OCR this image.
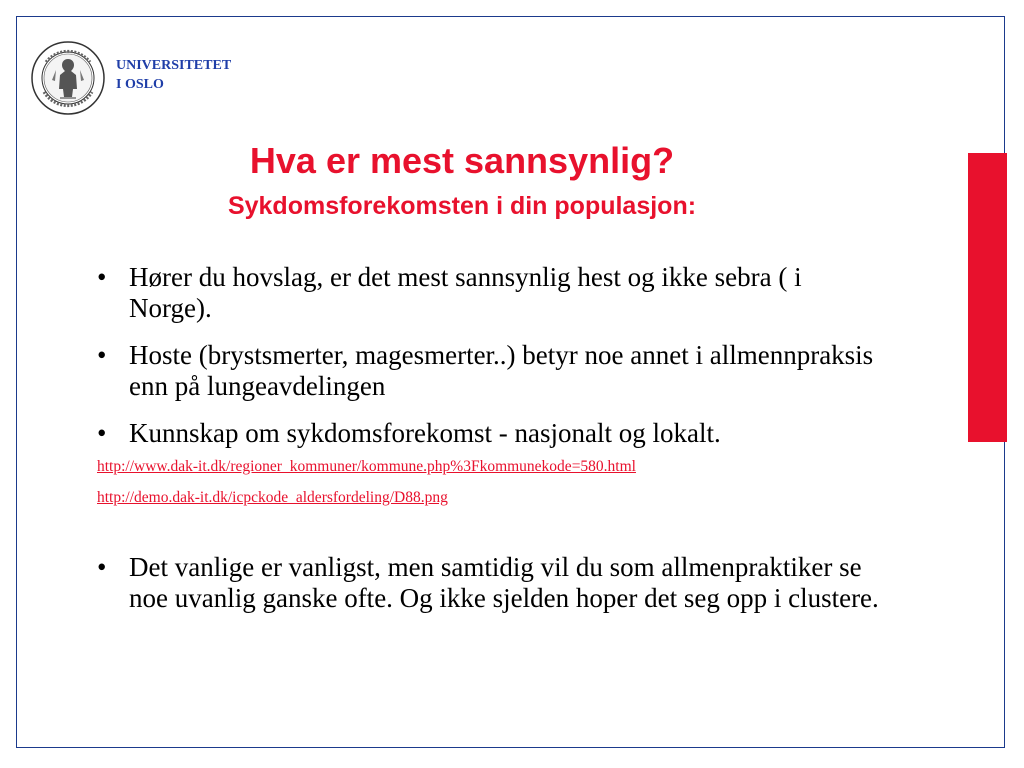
UNIVERSITETET
I OSLO
Hva er mest sannsynlig?
Sykdomsforekomsten i din populasjon:
• Hører du hovslag, er det mest sannsynlig hest og ikke sebra ( i Norge).
• Hoste (brystsmerter, magesmerter..) betyr noe annet i allmennpraksis enn på lungeavdelingen
• Kunnskap om sykdomsforekomst - nasjonalt og lokalt.
http://www.dak-it.dk/regioner_kommuner/kommune.php%3Fkommunekode=580.html
http://demo.dak-it.dk/icpckode_aldersfordeling/D88.png
• Det vanlige er vanligst, men samtidig vil du som allmenpraktiker se noe uvanlig ganske ofte. Og ikke sjelden hoper det seg opp i clustere.
